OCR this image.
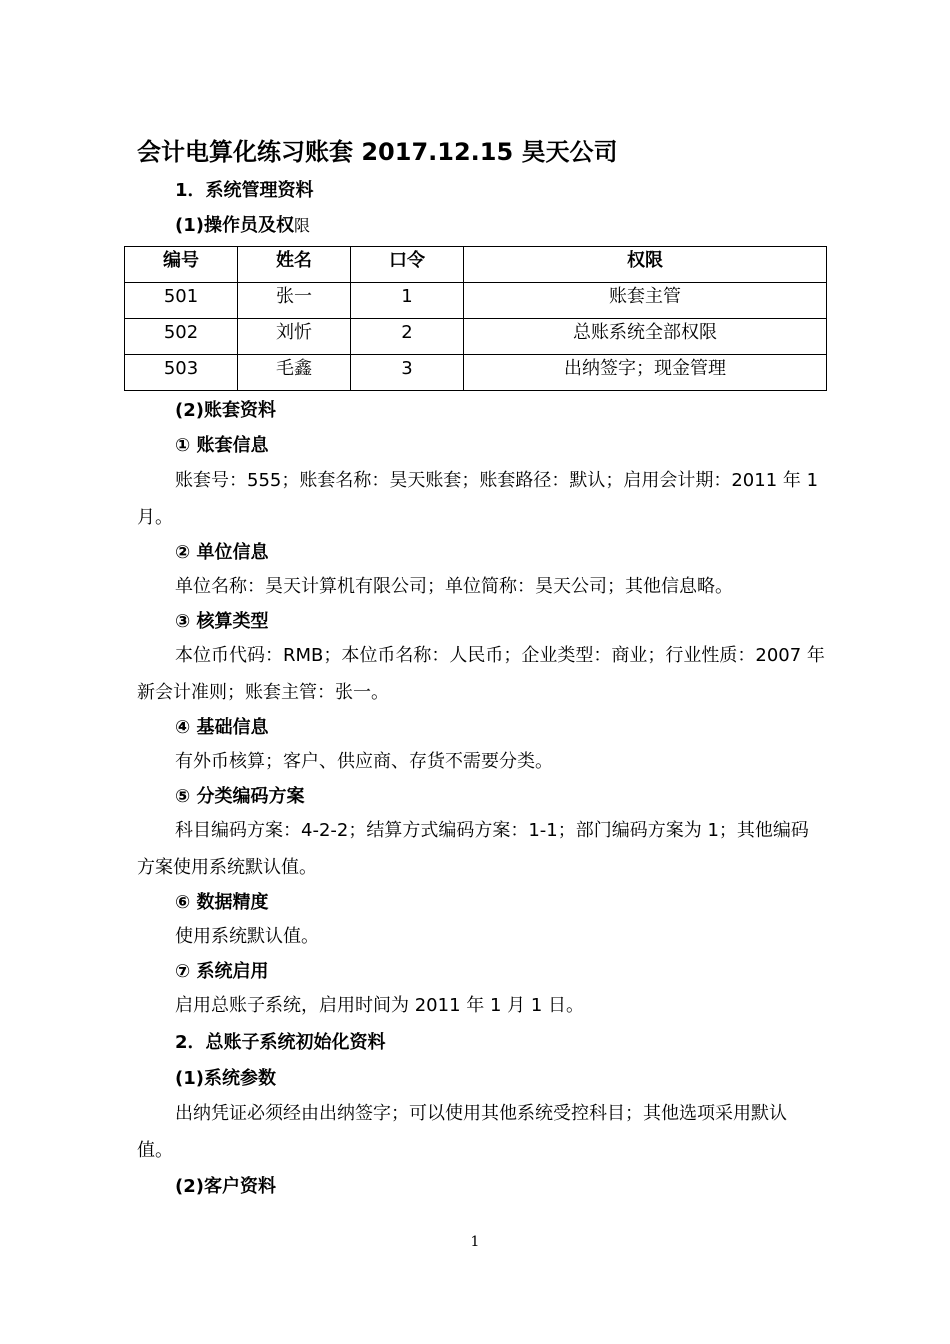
会计电算化练习账套 2017.12.15 昊天公司
1．系统管理资料
(1)操作员及权限
编号	姓名	口令	权限
501	张一	1	账套主管
502	刘忻	2	总账系统全部权限
503	毛鑫	3	出纳签字；现金管理
(2)账套资料
① 账套信息
账套号：555；账套名称：昊天账套；账套路径：默认；启用会计期：2011 年 1
月。
② 单位信息
单位名称：昊天计算机有限公司；单位简称：昊天公司；其他信息略。
③ 核算类型
本位币代码：RMB；本位币名称：人民币；企业类型：商业；行业性质：2007 年
新会计准则；账套主管：张一。
④ 基础信息
有外币核算；客户、供应商、存货不需要分类。
⑤ 分类编码方案
科目编码方案：4-2-2；结算方式编码方案：1-1；部门编码方案为 1；其他编码
方案使用系统默认值。
⑥ 数据精度
使用系统默认值。
⑦ 系统启用
启用总账子系统，启用时间为 2011 年 1 月 1 日。
2．总账子系统初始化资料
(1)系统参数
出纳凭证必须经由出纳签字；可以使用其他系统受控科目；其他选项采用默认
值。
(2)客户资料
1
